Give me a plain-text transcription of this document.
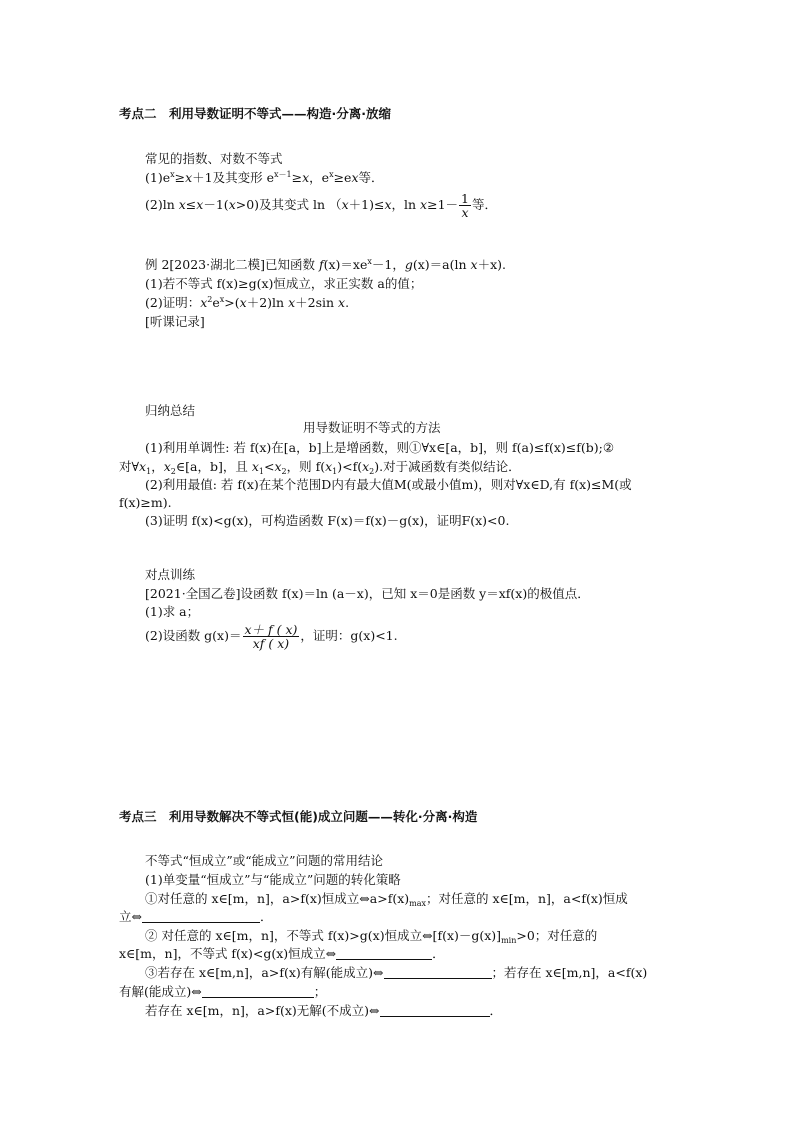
考点二　利用导数证明不等式——构造·分离·放缩
常见的指数、对数不等式
$(1)e^x\ge x+1$及其变形 $e^{x-1}\ge x$，$e^x\ge ex$等．
(2)ln x≤x－1(x>0)及其变式 ln （x＋1)≤x，$\ln x\ge 1- \frac{1}{x}$ 等．
例 2[2023·湖北二模]已知函数 $f(x)=xe^x-1$，g(x)＝a(ln x＋x).
(1)若不等式 f(x)≥g(x)恒成立，求正实数 a的值；
(2)证明：$x^2e^x>(x+2)\ln$ x＋2sin x.
[听课记录]
归纳总结
用导数证明不等式的方法
(1)利用单调性: 若 f(x)在[a，b]上是增函数，则①∀x∈[a，b]，则 f(a)≤f(x)≤f(b);②
对$\forall x_1$，$x_2\in[a$，b]，且 $x_1<x_2$，则 $f(x_1)<f(x_2)$.对于减函数有类似结论．
(2)利用最值: 若 f(x)在某个范围D内有最大值M(或最小值m)，则对∀x∈D,有 f(x)≤M(或
f(x)≥m).
(3)证明 f(x)<g(x)，可构造函数 F(x)＝f(x)－g(x)，证明F(x)<0.
对点训练
[2021·全国乙卷]设函数 f(x)＝ln (a－x)，已知 x＝0是函数 y＝xf(x)的极值点．
(1)求 a；
(2)设函数 $g(x)= \frac{x+ f ( x)}{xf ( x)}$ ，证明：g(x)<1.
考点三　利用导数解决不等式恒(能)成立问题——转化·分离·构造
不等式“恒成立”或“能成立”问题的常用结论
(1)单变量“恒成立”与“能成立”问题的转化策略
①对任意的 x∈[m，n]，a>f(x)恒成立$\Leftrightarrow a>f(x)_{max}$；对任意的 x∈[m，n]，a<f(x)恒成
立⇔	．
② 对任意的 x∈[m，n]，不等式 f(x)>g(x)恒成立$\Leftrightarrow[f(x)-g(x)]_{min}>0$；对任意的
x∈[m，n]，不等式 f(x)<g(x)恒成立⇔	．
③若存在 x∈[m,n]，a>f(x)有解(能成立)⇔	；若存在 x∈[m,n]，a<f(x)
有解(能成立)⇔	；
若存在 x∈[m，n]，a>f(x)无解(不成立)⇔	．
